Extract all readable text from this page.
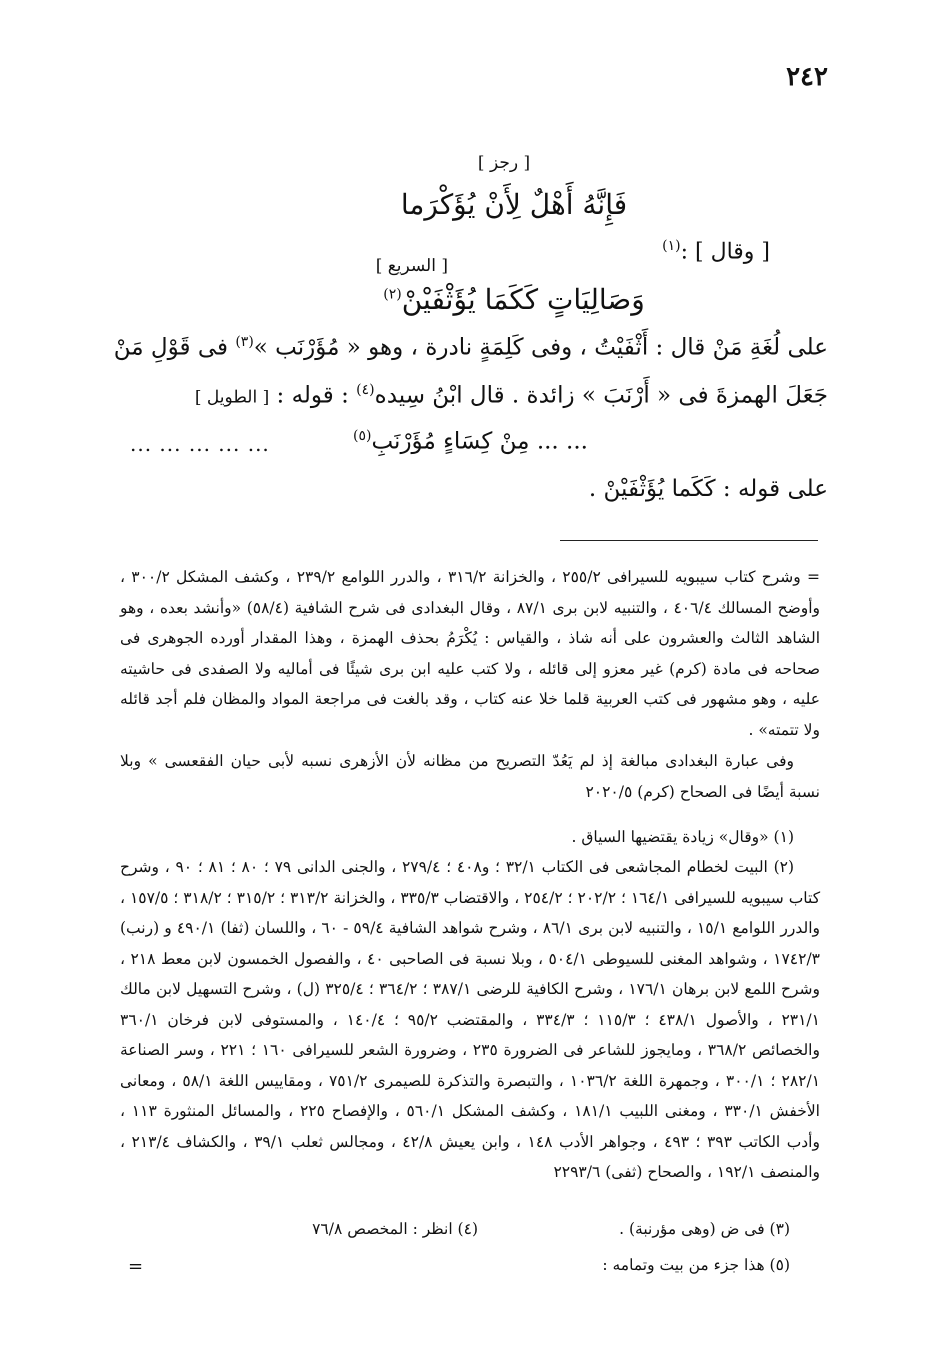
٢٤٢
[ رجز ]
فَإِنَّهُ أَهْلٌ لِأَنْ يُؤَكْرَما
[ وقال ] :$^{(١)}$
[ السريع ]
وَصَالِيَاتٍ كَكَمَا يُؤَثْفَيْنْ$^{(٢)}$
على لُغَةِ مَنْ قال : أَثْفَيْتُ ، وفى كَلِمَةٍ نادرة ، وهو « مُؤَرْنَب »$^{(٣)}$ فى قَوْلِ مَنْ
جَعَلَ الهمزةَ فى « أَرْنَبَ » زائدة . قال ابْنُ سِيده$^{(٤)}$ : قوله : [ الطويل ]
... ... مِنْ كِسَاءٍ مُؤَرْنَبِ$^{(٥)}$
... ... ... ... ...
على قوله : كَكَما يُؤَثْفَيْنْ .

= وشرح كتاب سيبويه للسيرافى ٢٥٥/٢ ، والخزانة ٣١٦/٢ ، والدرر اللوامع ٢٣٩/٢ ، وكشف المشكل ٣٠٠/٢ ، وأوضح المسالك ٤٠٦/٤ ، والتنبيه لابن برى ٨٧/١ ، وقال البغدادى فى شرح الشافية (٥٨/٤) «وأنشد بعده ، وهو الشاهد الثالث والعشرون على أنه شاذ ، والقياس : يُكْرَمُ بحذف الهمزة ، وهذا المقدار أورده الجوهرى فى صحاحه فى مادة (كرم) غير معزو إلى قائله ، ولا كتب عليه ابن برى شيئًا فى أماليه ولا الصفدى فى حاشيته عليه ، وهو مشهور فى كتب العربية قلما خلا عنه كتاب ، وقد بالغت فى مراجعة المواد والمظان فلم أجد قائله ولا تتمته» .

وفى عبارة البغدادى مبالغة إذ لم يَعُدّ التصريح من مظانه لأن الأزهرى نسبه لأبى حيان الفقعسى » وبلا نسبة أيضًا فى الصحاح (كرم) ٢٠٢٠/٥

(١) «وقال» زيادة يقتضيها السياق .

(٢) البيت لخطام المجاشعى فى الكتاب ٣٢/١ ؛ و٤٠٨ ؛ ٢٧٩/٤ ، والجنى الدانى ٧٩ ؛ ٨٠ ؛ ٨١ ؛ ٩٠ ، وشرح كتاب سيبويه للسيرافى ١٦٤/١ ؛ ٢٠٢/٢ ؛ ٢٥٤/٢ ، والاقتضاب ٣٣٥/٣ ، والخزانة ٣١٣/٢ ؛ ٣١٥/٢ ؛ ٣١٨/٢ ؛ ١٥٧/٥ ، والدرر اللوامع ١٥/١ ، والتنبيه لابن برى ٨٦/١ ، وشرح شواهد الشافية ٥٩/٤ - ٦٠ ، واللسان (ثفا) ٤٩٠/١ و (رنب) ١٧٤٢/٣ ، وشواهد المغنى للسيوطى ٥٠٤/١ ، وبلا نسبة فى الصاحبى ٤٠ ، والفصول الخمسون لابن معط ٢١٨ ، وشرح اللمع لابن برهان ١٧٦/١ ، وشرح الكافية للرضى ٣٨٧/١ ؛ ٣٦٤/٢ ؛ ٣٢٥/٤ (ل) ، وشرح التسهيل لابن مالك ٢٣١/١ ، والأصول ٤٣٨/١ ؛ ١١٥/٣ ؛ ٣٣٤/٣ ، والمقتضب ٩٥/٢ ؛ ١٤٠/٤ ، والمستوفى لابن فرخان ٣٦٠/١ والخصائص ٣٦٨/٢ ، ومايجوز للشاعر فى الضرورة ٢٣٥ ، وضرورة الشعر للسيرافى ١٦٠ ؛ ٢٢١ ، وسر الصناعة ٢٨٢/١ ؛ ٣٠٠/١ ، وجمهرة اللغة ١٠٣٦/٢ ، والتبصرة والتذكرة للصيمرى ٧٥١/٢ ، ومقاييس اللغة ٥٨/١ ، ومعانى الأخفش ٣٣٠/١ ، ومغنى اللبيب ١٨١/١ ، وكشف المشكل ٥٦٠/١ ، والإفصاح ٢٢٥ ، والمسائل المنثورة ١١٣ ، وأدب الكاتب ٣٩٣ ؛ ٤٩٣ ، وجواهر الأدب ١٤٨ ، وابن يعيش ٤٢/٨ ، ومجالس ثعلب ٣٩/١ ، والكشاف ٢١٣/٤ ، والمنصف ١٩٢/١ ، والصحاح (ثفى) ٢٢٩٣/٦

(٣) فى ض (وهى مؤرنبة) .
(٤) انظر : المخصص ٧٦/٨
(٥) هذا جزء من بيت وتمامه :
=
